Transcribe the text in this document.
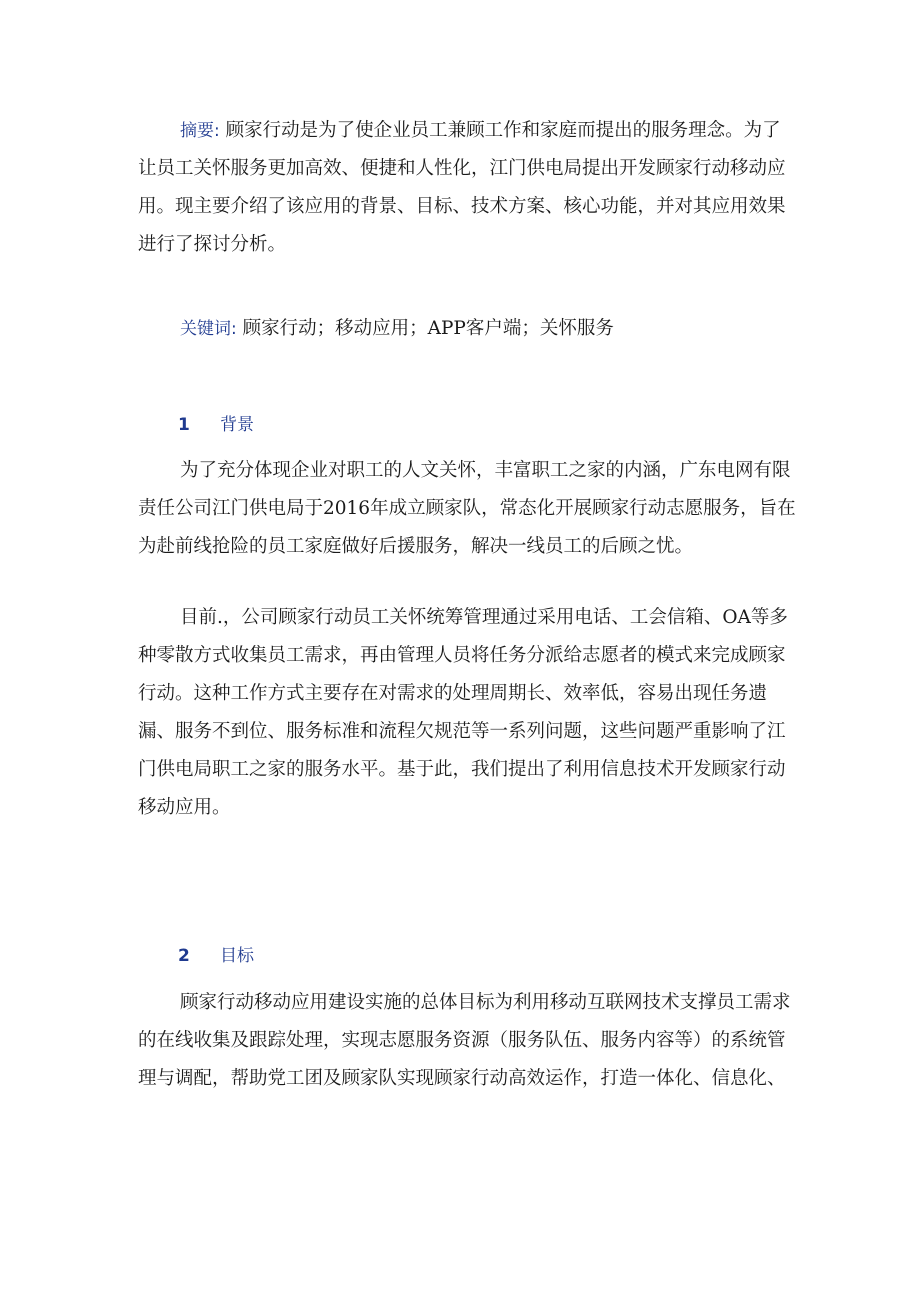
摘要: 顾家行动是为了使企业员工兼顾工作和家庭而提出的服务理念。为了让员工关怀服务更加高效、便捷和人性化，江门供电局提出开发顾家行动移动应用。现主要介绍了该应用的背景、目标、技术方案、核心功能，并对其应用效果进行了探讨分析。

关键词: 顾家行动；移动应用；APP客户端；关怀服务

1 背景

为了充分体现企业对职工的人文关怀，丰富职工之家的内涵，广东电网有限责任公司江门供电局于2016年成立顾家队，常态化开展顾家行动志愿服务，旨在为赴前线抢险的员工家庭做好后援服务，解决一线员工的后顾之忧。

目前.，公司顾家行动员工关怀统筹管理通过采用电话、工会信箱、OA等多种零散方式收集员工需求，再由管理人员将任务分派给志愿者的模式来完成顾家行动。这种工作方式主要存在对需求的处理周期长、效率低，容易出现任务遗漏、服务不到位、服务标准和流程欠规范等一系列问题，这些问题严重影响了江门供电局职工之家的服务水平。基于此，我们提出了利用信息技术开发顾家行动移动应用。

2 目标

顾家行动移动应用建设实施的总体目标为利用移动互联网技术支撑员工需求的在线收集及跟踪处理，实现志愿服务资源（服务队伍、服务内容等）的系统管理与调配，帮助党工团及顾家队实现顾家行动高效运作，打造一体化、信息化、
